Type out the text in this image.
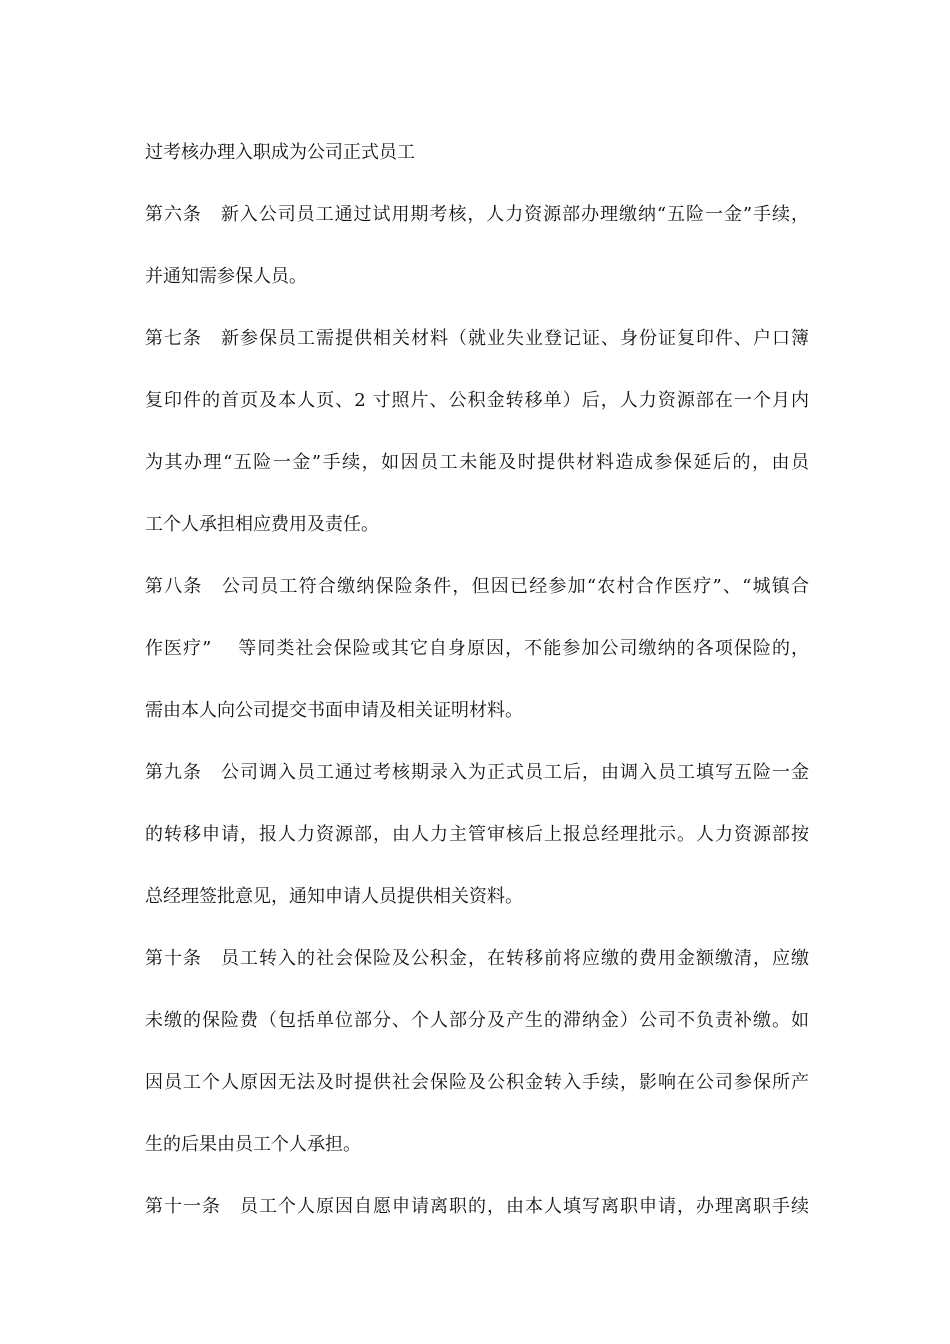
过考核办理入职成为公司正式员工
第六条　新入公司员工通过试用期考核，人力资源部办理缴纳“五险一金”手续，
并通知需参保人员。
第七条　新参保员工需提供相关材料（就业失业登记证、身份证复印件、户口簿
复印件的首页及本人页、2 寸照片、公积金转移单）后，人力资源部在一个月内
为其办理“五险一金”手续，如因员工未能及时提供材料造成参保延后的，由员
工个人承担相应费用及责任。
第八条　公司员工符合缴纳保险条件，但因已经参加“农村合作医疗”、“城镇合
作医疗”　 等同类社会保险或其它自身原因，不能参加公司缴纳的各项保险的，
需由本人向公司提交书面申请及相关证明材料。
第九条　公司调入员工通过考核期录入为正式员工后，由调入员工填写五险一金
的转移申请，报人力资源部，由人力主管审核后上报总经理批示。人力资源部按
总经理签批意见，通知申请人员提供相关资料。
第十条　员工转入的社会保险及公积金，在转移前将应缴的费用金额缴清，应缴
未缴的保险费（包括单位部分、个人部分及产生的滞纳金）公司不负责补缴。如
因员工个人原因无法及时提供社会保险及公积金转入手续，影响在公司参保所产
生的后果由员工个人承担。
第十一条　员工个人原因自愿申请离职的，由本人填写离职申请，办理离职手续
